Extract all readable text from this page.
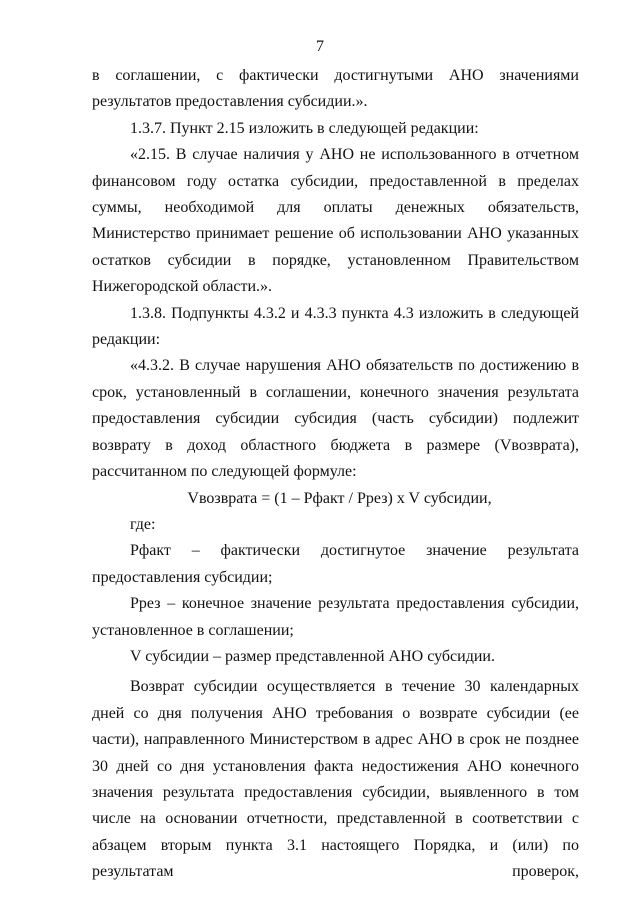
7

в соглашении, с фактически достигнутыми АНО значениями результатов предоставления субсидии.».

1.3.7. Пункт 2.15 изложить в следующей редакции:

«2.15. В случае наличия у АНО не использованного в отчетном финансовом году остатка субсидии, предоставленной в пределах суммы, необходимой для оплаты денежных обязательств, Министерство принимает решение об использовании АНО указанных остатков субсидии в порядке, установленном Правительством Нижегородской области.».

1.3.8. Подпункты 4.3.2 и 4.3.3 пункта 4.3 изложить в следующей редакции:

«4.3.2. В случае нарушения АНО обязательств по достижению в срок, установленный в соглашении, конечного значения результата предоставления субсидии субсидия (часть субсидии) подлежит возврату в доход областного бюджета в размере (Vвозврата), рассчитанном по следующей формуле:

Vвозврата = (1 – Рфакт / Ррез) x V субсидии,

где:

Рфакт – фактически достигнутое значение результата предоставления субсидии;

Ррез – конечное значение результата предоставления субсидии, установленное в соглашении;

V субсидии – размер представленной АНО субсидии.

Возврат субсидии осуществляется в течение 30 календарных дней со дня получения АНО требования о возврате субсидии (ее части), направленного Министерством в адрес АНО в срок не позднее 30 дней со дня установления факта недостижения АНО конечного значения результата предоставления субсидии, выявленного в том числе на основании отчетности, представленной в соответствии с абзацем вторым пункта 3.1 настоящего Порядка, и (или) по результатам проверок,
